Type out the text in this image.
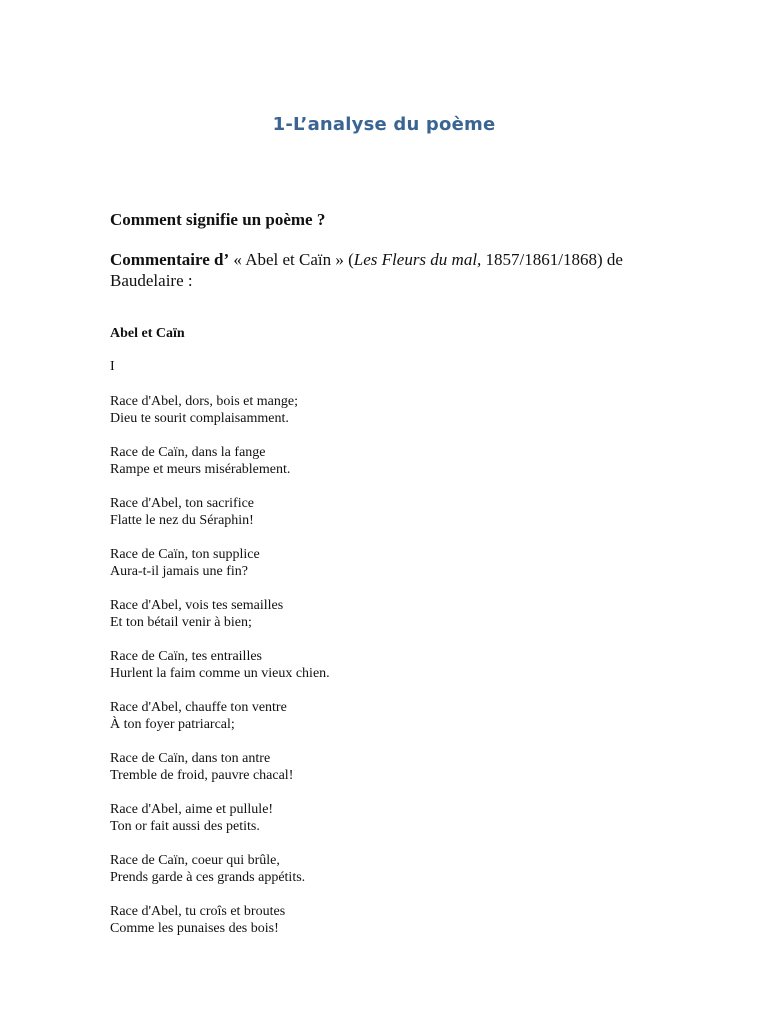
1-L’analyse du poème
Comment signifie un poème ?
Commentaire d’ « Abel et Caïn » (Les Fleurs du mal, 1857/1861/1868) de
Baudelaire :
Abel et Caïn
I
Race d'Abel, dors, bois et mange;
Dieu te sourit complaisamment.
Race de Caïn, dans la fange
Rampe et meurs misérablement.
Race d'Abel, ton sacrifice
Flatte le nez du Séraphin!
Race de Caïn, ton supplice
Aura-t-il jamais une fin?
Race d'Abel, vois tes semailles
Et ton bétail venir à bien;
Race de Caïn, tes entrailles
Hurlent la faim comme un vieux chien.
Race d'Abel, chauffe ton ventre
À ton foyer patriarcal;
Race de Caïn, dans ton antre
Tremble de froid, pauvre chacal!
Race d'Abel, aime et pullule!
Ton or fait aussi des petits.
Race de Caïn, coeur qui brûle,
Prends garde à ces grands appétits.
Race d'Abel, tu croîs et broutes
Comme les punaises des bois!
